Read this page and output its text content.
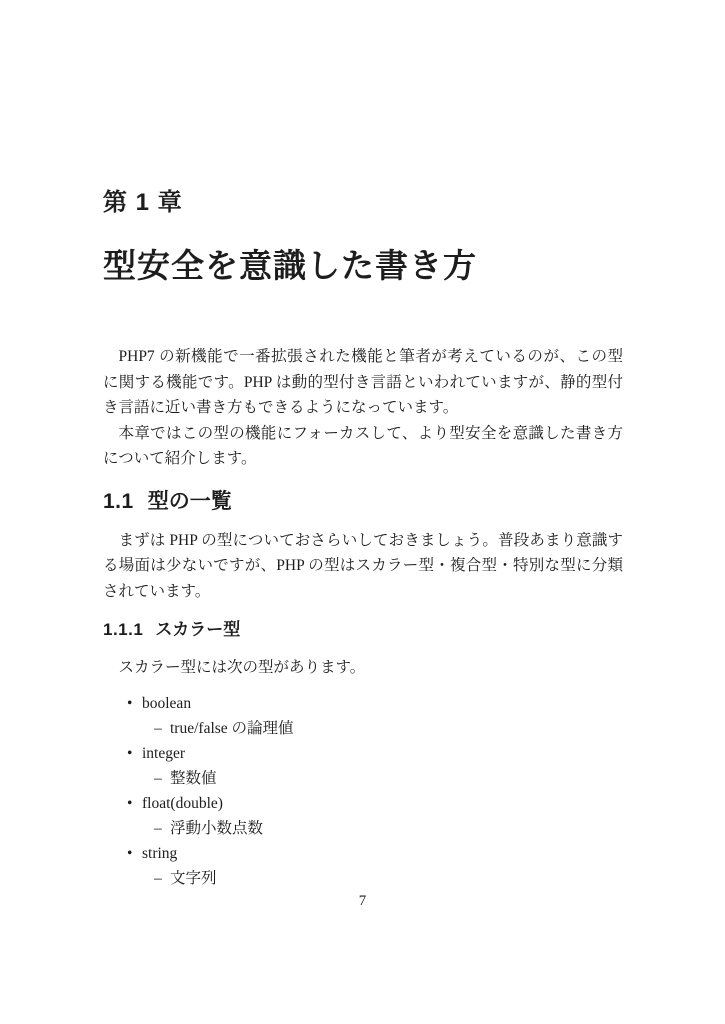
第 1 章
型安全を意識した書き方

PHP7 の新機能で一番拡張された機能と筆者が考えているのが、この型に関する機能です。PHP は動的型付き言語といわれていますが、静的型付き言語に近い書き方もできるようになっています。

本章ではこの型の機能にフォーカスして、より型安全を意識した書き方について紹介します。

1.1 型の一覧

まずは PHP の型についておさらいしておきましょう。普段あまり意識する場面は少ないですが、PHP の型はスカラー型・複合型・特別な型に分類されています。

1.1.1 スカラー型

スカラー型には次の型があります。

• boolean
– true/false の論理値
• integer
– 整数値
• float(double)
– 浮動小数点数
• string
– 文字列
7
